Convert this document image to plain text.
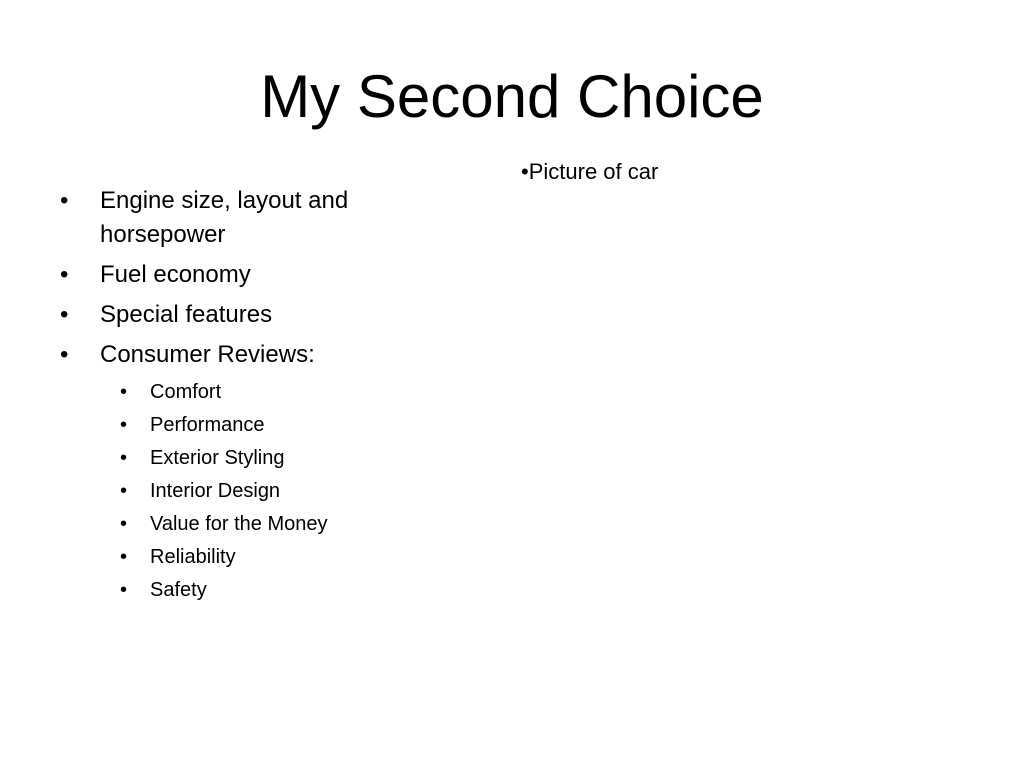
My Second Choice
•	Engine size, layout and horsepower
•	Fuel economy
•	Special features
•	Consumer Reviews:
•	Comfort
•	Performance
•	Exterior Styling
•	Interior Design
•	Value for the Money
•	Reliability
•	Safety
•Picture of car
